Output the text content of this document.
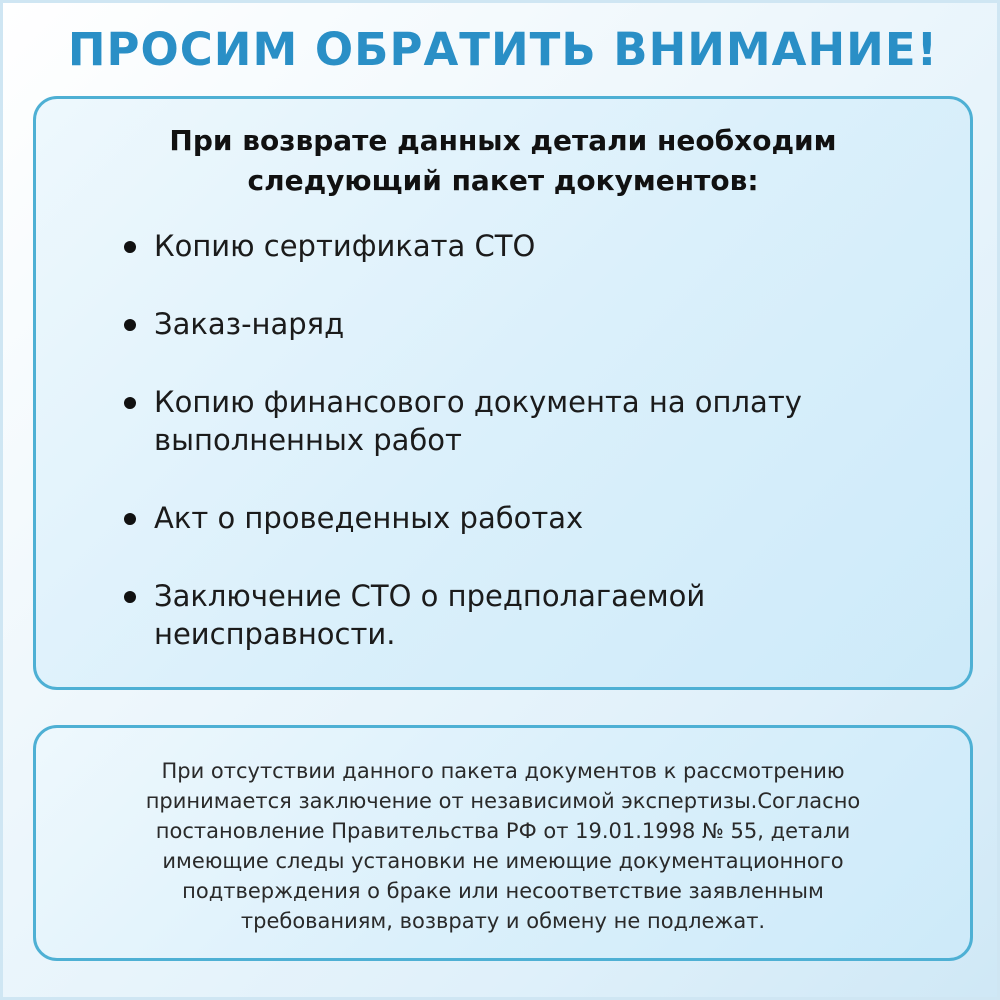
ПРОСИМ ОБРАТИТЬ ВНИМАНИЕ!
При возврате данных детали необходим
следующий пакет документов:
Копию сертификата СТО
Заказ-наряд
Копию финансового документа на оплату
выполненных работ
Акт о проведенных работах
Заключение СТО о предполагаемой
неисправности.
При отсутствии данного пакета документов к рассмотрению
принимается заключение от независимой экспертизы.Согласно
постановление Правительства РФ от 19.01.1998 № 55, детали
имеющие следы установки не имеющие документационного
подтверждения о браке или несоответствие заявленным
требованиям, возврату и обмену не подлежат.
